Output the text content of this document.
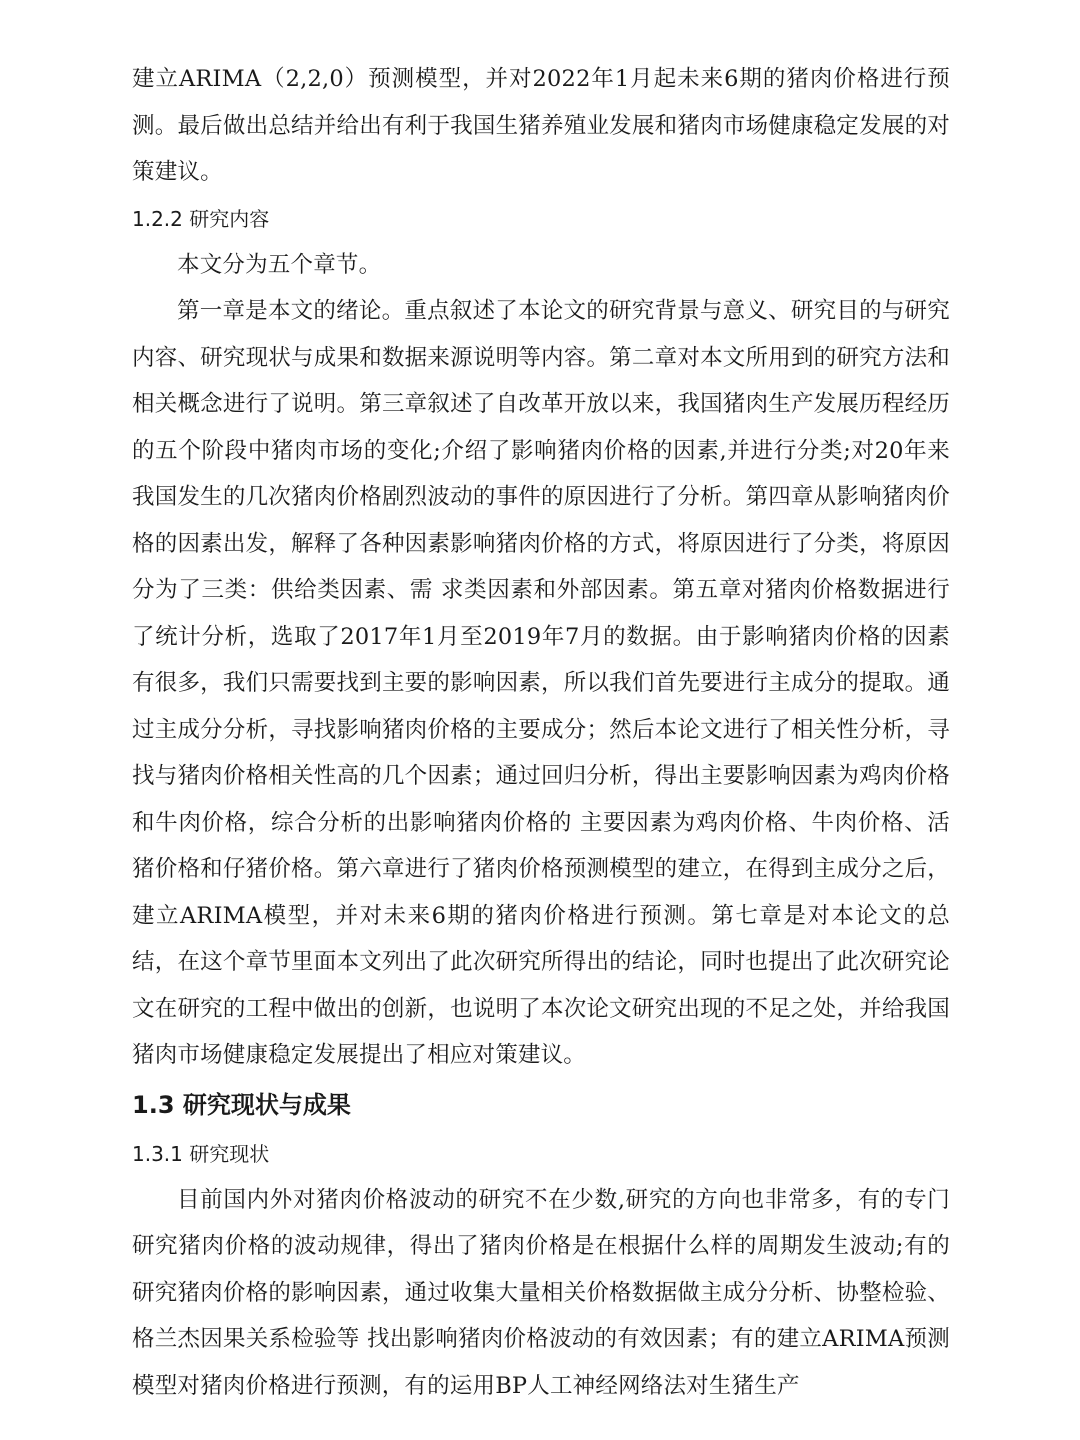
建立ARIMA（2,2,0）预测模型，并对2022年1月起未来6期的猪肉价格进行预测。最后做出总结并给出有利于我国生猪养殖业发展和猪肉市场健康稳定发展的对策建议。

1.2.2 研究内容

本文分为五个章节。

第一章是本文的绪论。重点叙述了本论文的研究背景与意义、研究目的与研究内容、研究现状与成果和数据来源说明等内容。第二章对本文所用到的研究方法和相关概念进行了说明。第三章叙述了自改革开放以来，我国猪肉生产发展历程经历的五个阶段中猪肉市场的变化;介绍了影响猪肉价格的因素,并进行分类;对20年来我国发生的几次猪肉价格剧烈波动的事件的原因进行了分析。第四章从影响猪肉价格的因素出发，解释了各种因素影响猪肉价格的方式，将原因进行了分类，将原因分为了三类：供给类因素、需 求类因素和外部因素。第五章对猪肉价格数据进行了统计分析，选取了2017年1月至2019年7月的数据。由于影响猪肉价格的因素有很多，我们只需要找到主要的影响因素，所以我们首先要进行主成分的提取。通过主成分分析，寻找影响猪肉价格的主要成分；然后本论文进行了相关性分析，寻找与猪肉价格相关性高的几个因素；通过回归分析，得出主要影响因素为鸡肉价格和牛肉价格，综合分析的出影响猪肉价格的 主要因素为鸡肉价格、牛肉价格、活猪价格和仔猪价格。第六章进行了猪肉价格预测模型的建立，在得到主成分之后，建立ARIMA模型，并对未来6期的猪肉价格进行预测。第七章是对本论文的总结，在这个章节里面本文列出了此次研究所得出的结论，同时也提出了此次研究论文在研究的工程中做出的创新，也说明了本次论文研究出现的不足之处，并给我国猪肉市场健康稳定发展提出了相应对策建议。

1.3 研究现状与成果
1.3.1 研究现状

目前国内外对猪肉价格波动的研究不在少数,研究的方向也非常多，有的专门研究猪肉价格的波动规律，得出了猪肉价格是在根据什么样的周期发生波动;有的研究猪肉价格的影响因素，通过收集大量相关价格数据做主成分分析、协整检验、格兰杰因果关系检验等 找出影响猪肉价格波动的有效因素；有的建立ARIMA预测模型对猪肉价格进行预测，有的运用BP人工神经网络法对生猪生产
